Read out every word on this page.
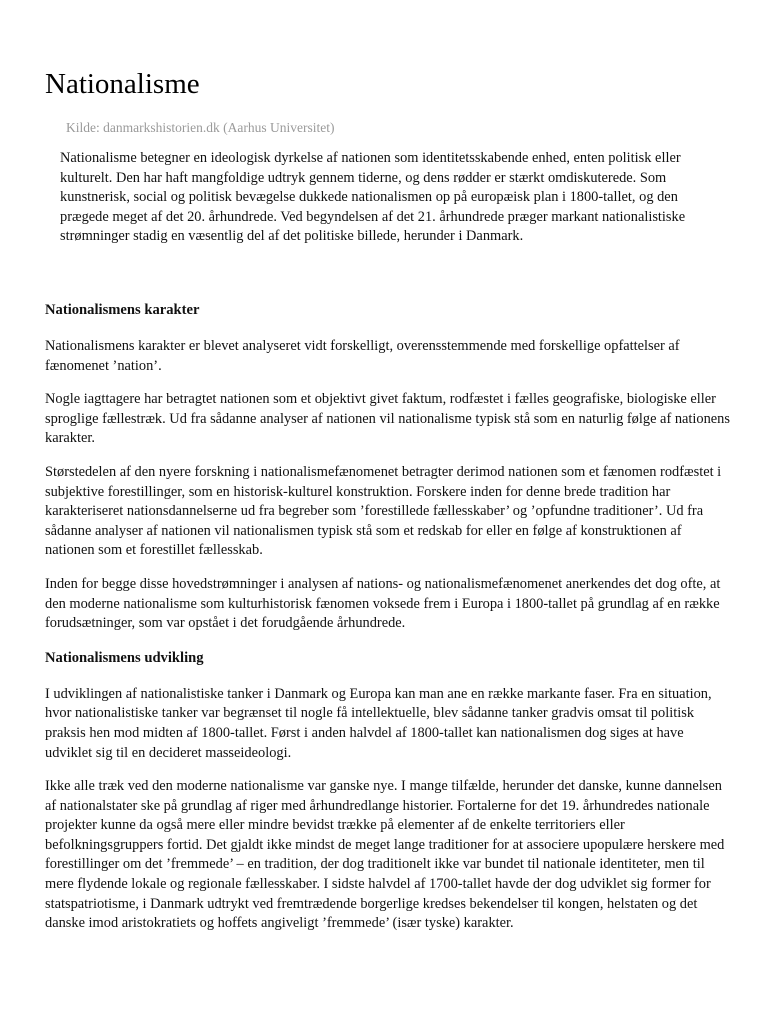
Nationalisme
Kilde: danmarkshistorien.dk (Aarhus Universitet)

Nationalisme betegner en ideologisk dyrkelse af nationen som identitetsskabende enhed, enten politisk eller kulturelt. Den har haft mangfoldige udtryk gennem tiderne, og dens rødder er stærkt omdiskuterede. Som kunstnerisk, social og politisk bevægelse dukkede nationalismen op på europæisk plan i 1800-tallet, og den prægede meget af det 20. århundrede. Ved begyndelsen af det 21. århundrede præger markant nationalistiske strømninger stadig en væsentlig del af det politiske billede, herunder i Danmark.

Nationalismens karakter

Nationalismens karakter er blevet analyseret vidt forskelligt, overensstemmende med forskellige opfattelser af fænomenet ’nation’.

Nogle iagttagere har betragtet nationen som et objektivt givet faktum, rodfæstet i fælles geografiske, biologiske eller sproglige fællestræk. Ud fra sådanne analyser af nationen vil nationalisme typisk stå som en naturlig følge af nationens karakter.

Størstedelen af den nyere forskning i nationalismefænomenet betragter derimod nationen som et fænomen rodfæstet i subjektive forestillinger, som en historisk-kulturel konstruktion. Forskere inden for denne brede tradition har karakteriseret nationsdannelserne ud fra begreber som ’forestillede fællesskaber’ og ’opfundne traditioner’. Ud fra sådanne analyser af nationen vil nationalismen typisk stå som et redskab for eller en følge af konstruktionen af nationen som et forestillet fællesskab.

Inden for begge disse hovedstrømninger i analysen af nations- og nationalismefænomenet anerkendes det dog ofte, at den moderne nationalisme som kulturhistorisk fænomen voksede frem i Europa i 1800-tallet på grundlag af en række forudsætninger, som var opstået i det forudgående århundrede.

Nationalismens udvikling

I udviklingen af nationalistiske tanker i Danmark og Europa kan man ane en række markante faser. Fra en situation, hvor nationalistiske tanker var begrænset til nogle få intellektuelle, blev sådanne tanker gradvis omsat til politisk praksis hen mod midten af 1800-tallet. Først i anden halvdel af 1800-tallet kan nationalismen dog siges at have udviklet sig til en decideret masseideologi.

Ikke alle træk ved den moderne nationalisme var ganske nye. I mange tilfælde, herunder det danske, kunne dannelsen af nationalstater ske på grundlag af riger med århundredlange historier. Fortalerne for det 19. århundredes nationale projekter kunne da også mere eller mindre bevidst trække på elementer af de enkelte territoriers eller befolkningsgruppers fortid. Det gjaldt ikke mindst de meget lange traditioner for at associere upopulære herskere med forestillinger om det ’fremmede’ – en tradition, der dog traditionelt ikke var bundet til nationale identiteter, men til mere flydende lokale og regionale fællesskaber. I sidste halvdel af 1700-tallet havde der dog udviklet sig former for statspatriotisme, i Danmark udtrykt ved fremtrædende borgerlige kredses bekendelser til kongen, helstaten og det danske imod aristokratiets og hoffets angiveligt ’fremmede’ (især tyske) karakter.
